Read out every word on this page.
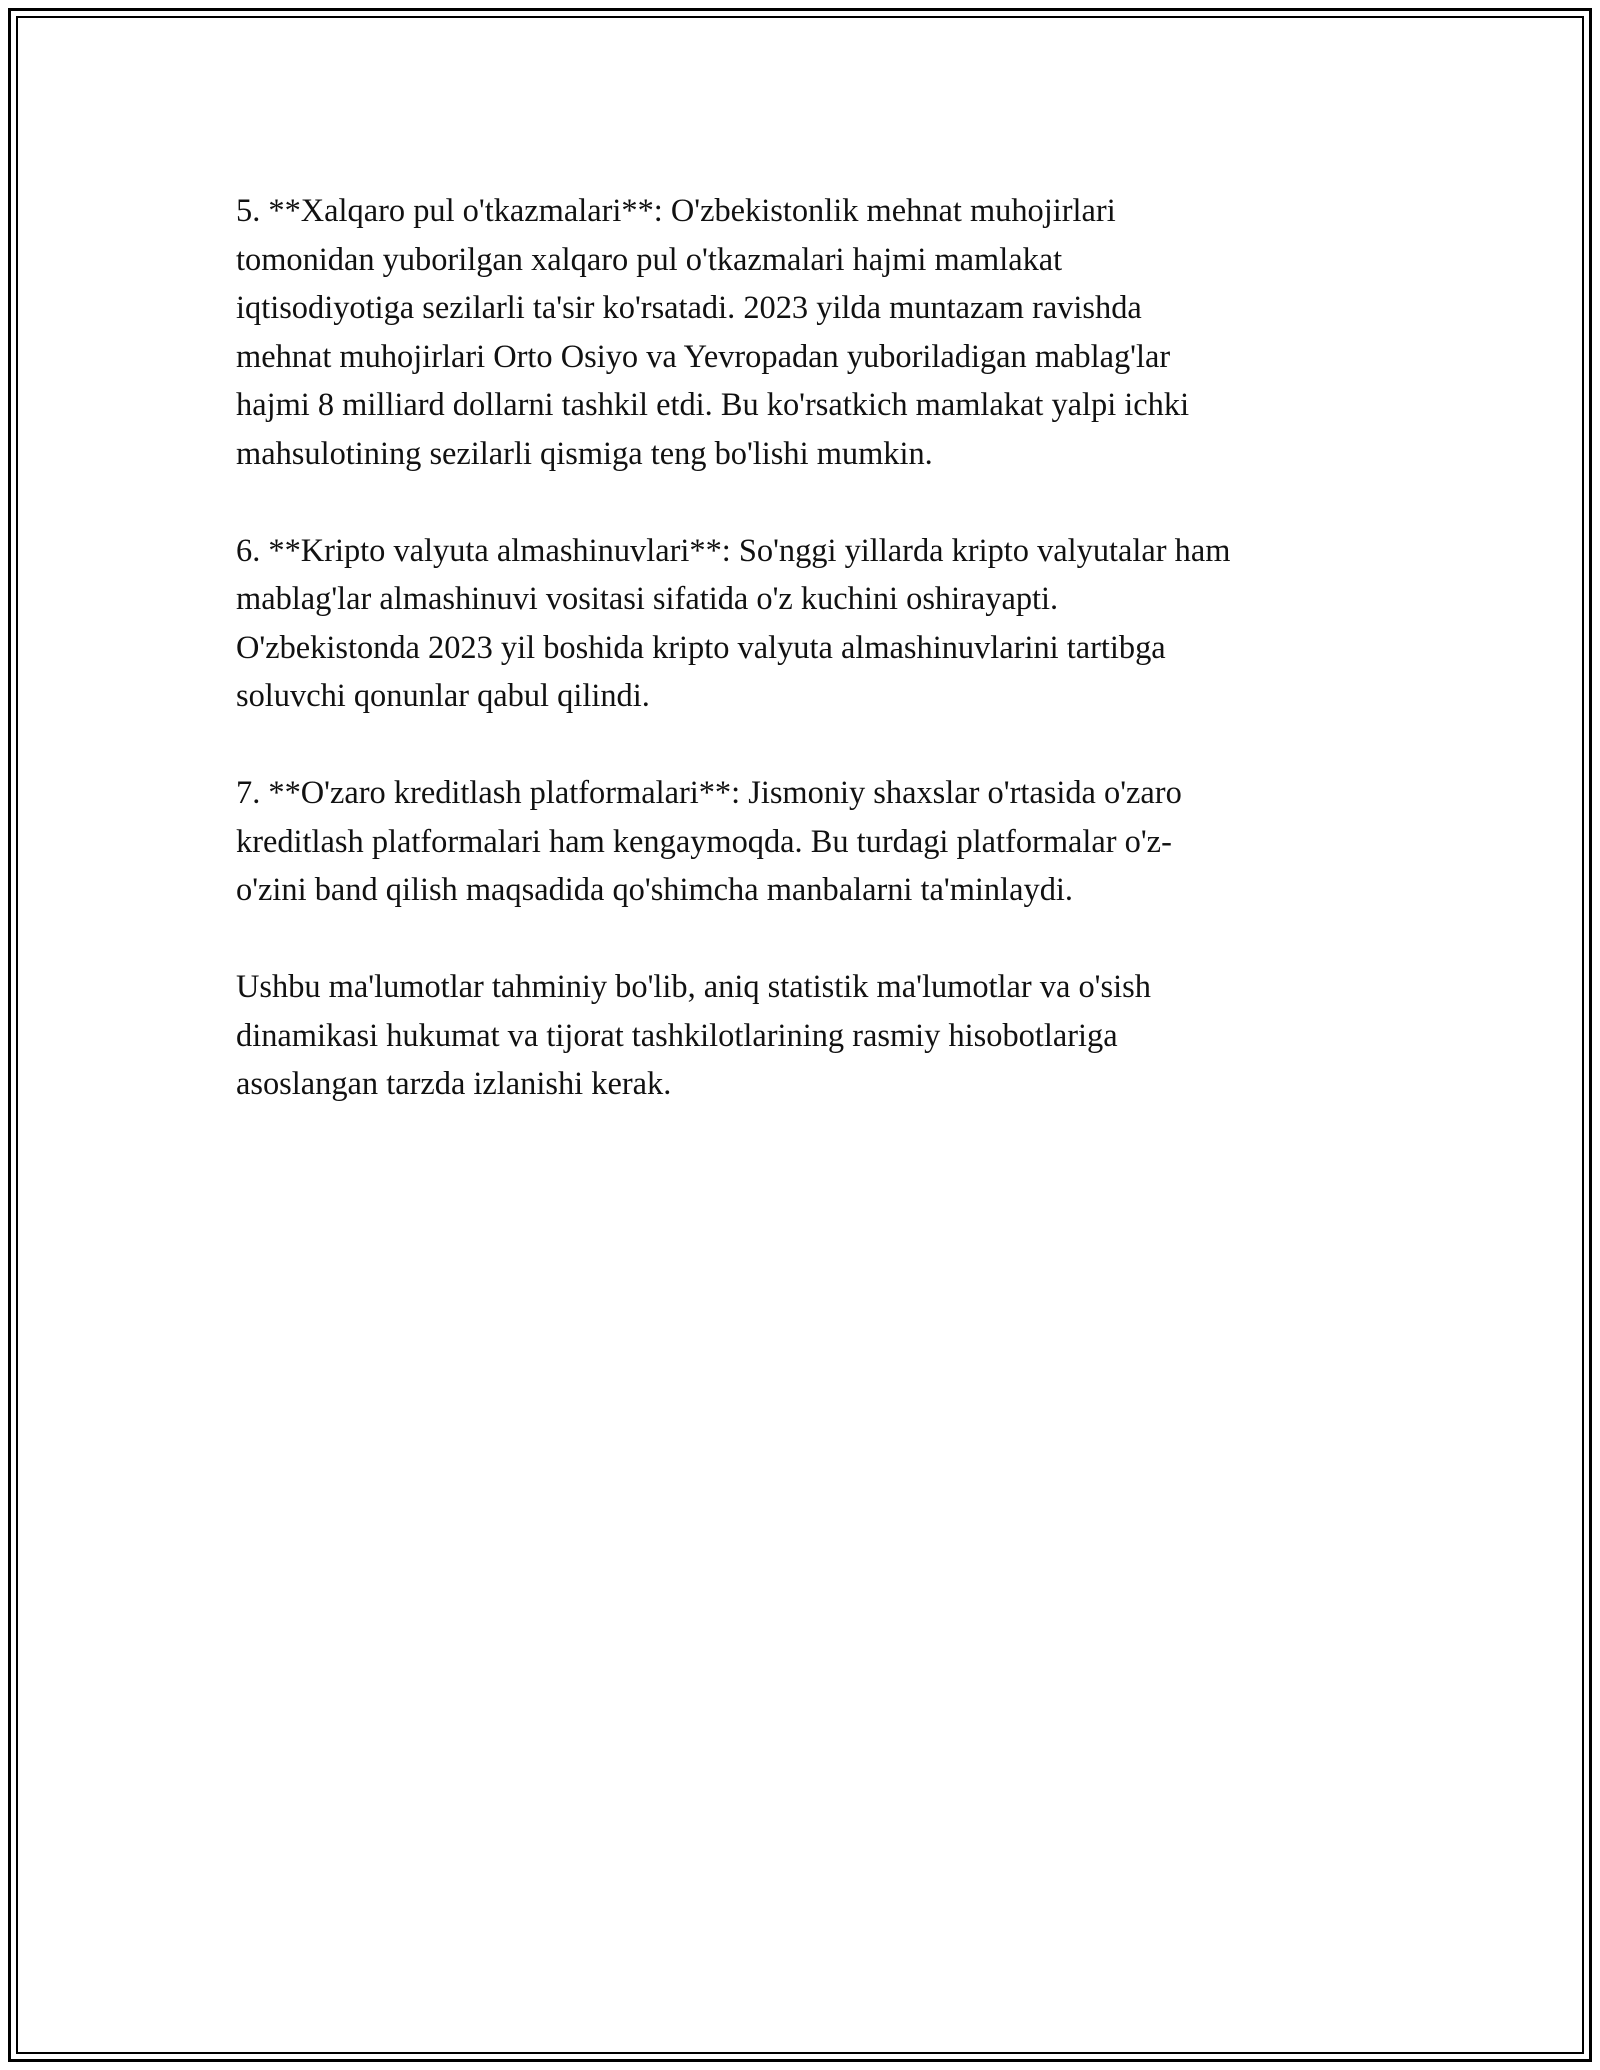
5. **Xalqaro pul o'tkazmalari**: O'zbekistonlik mehnat muhojirlari
tomonidan yuborilgan xalqaro pul o'tkazmalari hajmi mamlakat
iqtisodiyotiga sezilarli ta'sir ko'rsatadi. 2023 yilda muntazam ravishda
mehnat muhojirlari Orto Osiyo va Yevropadan yuboriladigan mablag'lar
hajmi 8 milliard dollarni tashkil etdi. Bu ko'rsatkich mamlakat yalpi ichki
mahsulotining sezilarli qismiga teng bo'lishi mumkin.

6. **Kripto valyuta almashinuvlari**: So'nggi yillarda kripto valyutalar ham
mablag'lar almashinuvi vositasi sifatida o'z kuchini oshirayapti.
O'zbekistonda 2023 yil boshida kripto valyuta almashinuvlarini tartibga
soluvchi qonunlar qabul qilindi.

7. **O'zaro kreditlash platformalari**: Jismoniy shaxslar o'rtasida o'zaro
kreditlash platformalari ham kengaymoqda. Bu turdagi platformalar o'z-
o'zini band qilish maqsadida qo'shimcha manbalarni ta'minlaydi.

Ushbu ma'lumotlar tahminiy bo'lib, aniq statistik ma'lumotlar va o'sish
dinamikasi hukumat va tijorat tashkilotlarining rasmiy hisobotlariga
asoslangan tarzda izlanishi kerak.
